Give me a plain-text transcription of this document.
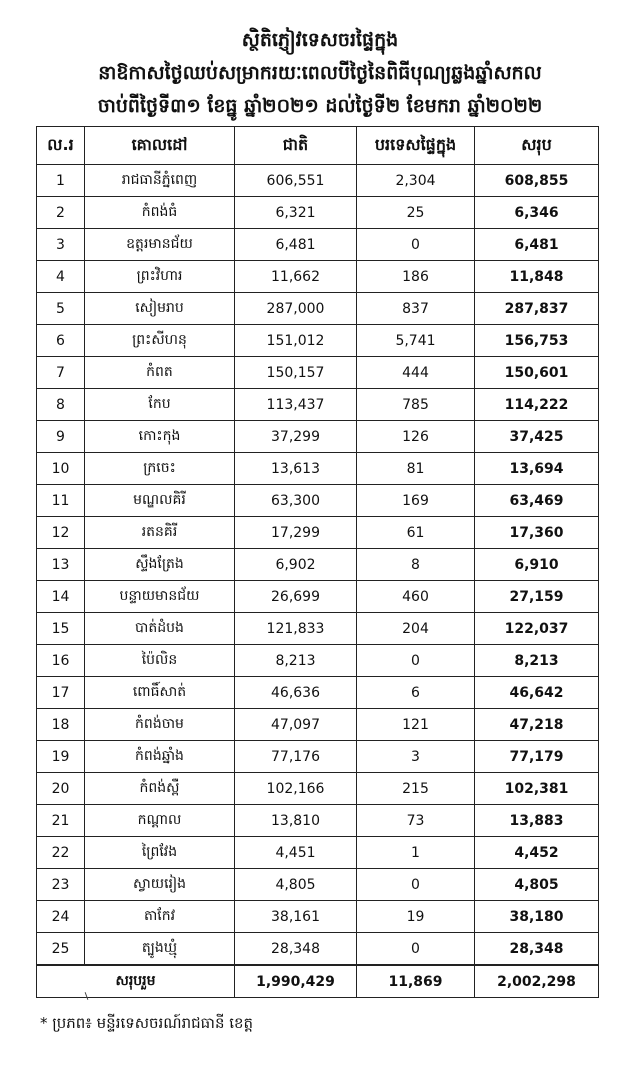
ស្ថិតិភ្ញៀវទេសចរផ្ទៃក្នុង
នាឱកាសថ្ងៃឈប់សម្រាករយៈពេលបីថ្ងៃនៃពិធីបុណ្យឆ្លងឆ្នាំសកល
ចាប់ពីថ្ងៃទី៣១ ខែធ្នូ ឆ្នាំ២០២១ ដល់ថ្ងៃទី២ ខែមករា ឆ្នាំ២០២២
ល.រ	គោលដៅ	ជាតិ	បរទេសផ្ទៃក្នុង	សរុប
1	រាជធានីភ្នំពេញ	606,551	2,304	608,855
2	កំពង់ធំ	6,321	25	6,346
3	ឧត្តរមានជ័យ	6,481	0	6,481
4	ព្រះវិហារ	11,662	186	11,848
5	សៀមរាប	287,000	837	287,837
6	ព្រះសីហនុ	151,012	5,741	156,753
7	កំពត	150,157	444	150,601
8	កែប	113,437	785	114,222
9	កោះកុង	37,299	126	37,425
10	ក្រចេះ	13,613	81	13,694
11	មណ្ឌលគិរី	63,300	169	63,469
12	រតនគិរី	17,299	61	17,360
13	ស្ទឹងត្រែង	6,902	8	6,910
14	បន្ទាយមានជ័យ	26,699	460	27,159
15	បាត់ដំបង	121,833	204	122,037
16	ប៉ៃលិន	8,213	0	8,213
17	ពោធិ៍សាត់	46,636	6	46,642
18	កំពង់ចាម	47,097	121	47,218
19	កំពង់ឆ្នាំង	77,176	3	77,179
20	កំពង់ស្ពឺ	102,166	215	102,381
21	កណ្ដាល	13,810	73	13,883
22	ព្រៃវែង	4,451	1	4,452
23	ស្វាយរៀង	4,805	0	4,805
24	តាកែវ	38,161	19	38,180
25	ត្បូងឃ្មុំ	28,348	0	28,348
សរុបរួម		1,990,429	11,869	2,002,298
* ប្រភព៖ មន្ទីរទេសចរណ៍រាជធានី ខេត្ត
